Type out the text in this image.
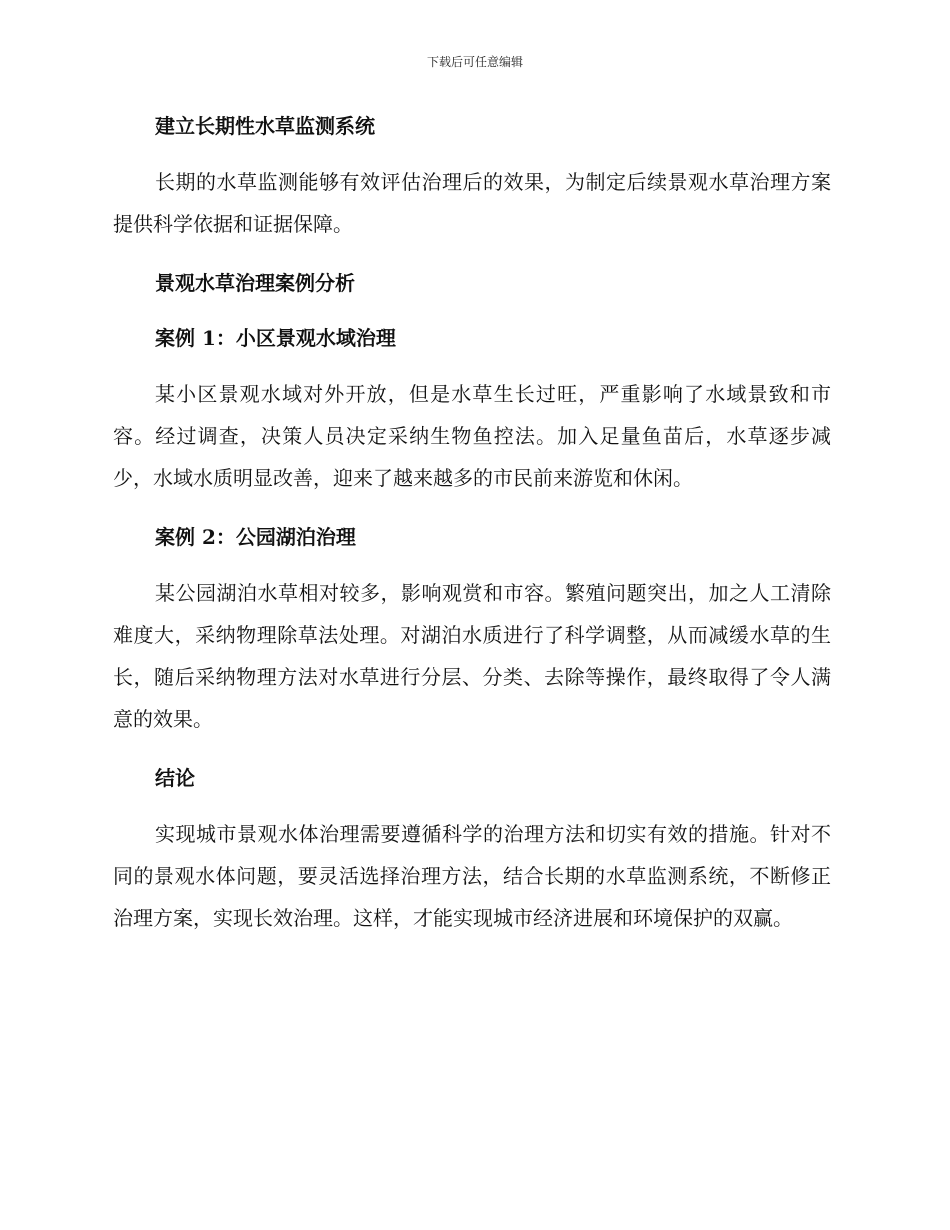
下载后可任意编辑
建立长期性水草监测系统

长期的水草监测能够有效评估治理后的效果，为制定后续景观水草治理方案提供科学依据和证据保障。

景观水草治理案例分析
案例 1：小区景观水域治理

某小区景观水域对外开放，但是水草生长过旺，严重影响了水域景致和市容。经过调查，决策人员决定采纳生物鱼控法。加入足量鱼苗后，水草逐步减少，水域水质明显改善，迎来了越来越多的市民前来游览和休闲。

案例 2：公园湖泊治理

某公园湖泊水草相对较多，影响观赏和市容。繁殖问题突出，加之人工清除难度大，采纳物理除草法处理。对湖泊水质进行了科学调整，从而减缓水草的生长，随后采纳物理方法对水草进行分层、分类、去除等操作，最终取得了令人满意的效果。

结论

实现城市景观水体治理需要遵循科学的治理方法和切实有效的措施。针对不同的景观水体问题，要灵活选择治理方法，结合长期的水草监测系统，不断修正治理方案，实现长效治理。这样，才能实现城市经济进展和环境保护的双赢。
